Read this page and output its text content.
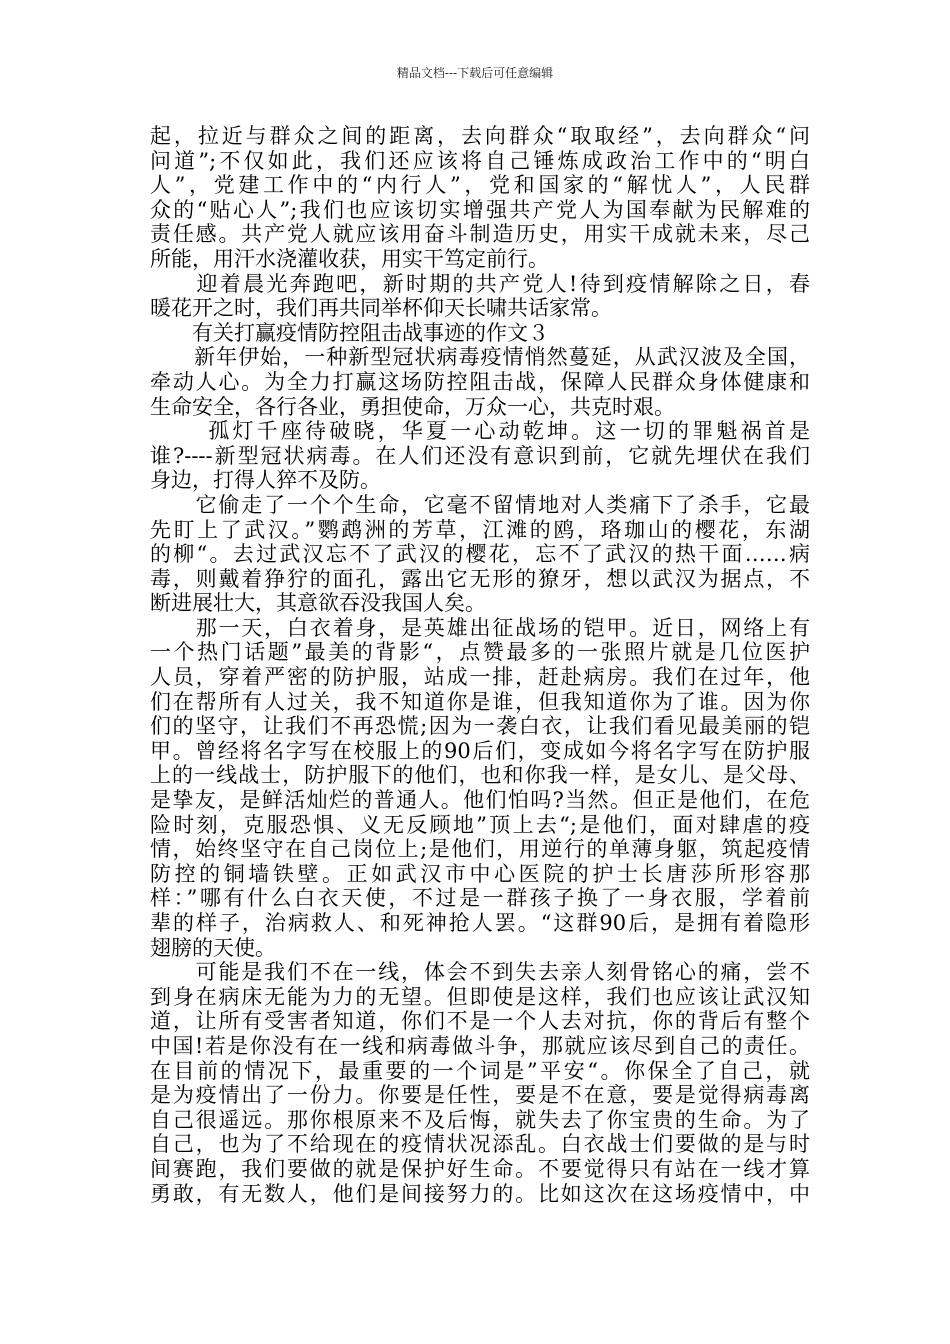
精品文档---下载后可任意编辑
起，拉近与群众之间的距离，去向群众“取取经”，去向群众“问
问道”;不仅如此，我们还应该将自己锤炼成政治工作中的“明白
人”，党建工作中的“内行人”，党和国家的“解忧人”，人民群
众的“贴心人”;我们也应该切实增强共产党人为国奉献为民解难的
责任感。共产党人就应该用奋斗制造历史，用实干成就未来，尽己
所能，用汗水浇灌收获，用实干笃定前行。
　　迎着晨光奔跑吧，新时期的共产党人!待到疫情解除之日，春
暖花开之时，我们再共同举杯仰天长啸共话家常。
　　有关打赢疫情防控阻击战事迹的作文３
　　新年伊始，一种新型冠状病毒疫情悄然蔓延，从武汉波及全国，
牵动人心。为全力打赢这场防控阻击战，保障人民群众身体健康和
生命安全，各行各业，勇担使命，万众一心，共克时艰。
　　 孤灯千座待破晓，华夏一心动乾坤。这一切的罪魁祸首是
谁?----新型冠状病毒。在人们还没有意识到前，它就先埋伏在我们
身边，打得人猝不及防。
　　它偷走了一个个生命，它毫不留情地对人类痛下了杀手，它最
先盯上了武汉。”鹦鹉洲的芳草，江滩的鸥，珞珈山的樱花，东湖
的柳“。去过武汉忘不了武汉的樱花，忘不了武汉的热干面……病
毒，则戴着狰狞的面孔，露出它无形的獠牙，想以武汉为据点，不
断进展壮大，其意欲吞没我国人矣。
　　那一天，白衣着身，是英雄出征战场的铠甲。近日，网络上有
一个热门话题”最美的背影“，点赞最多的一张照片就是几位医护
人员，穿着严密的防护服，站成一排，赶赴病房。我们在过年，他
们在帮所有人过关，我不知道你是谁，但我知道你为了谁。因为你
们的坚守，让我们不再恐慌;因为一袭白衣，让我们看见最美丽的铠
甲。曾经将名字写在校服上的90后们，变成如今将名字写在防护服
上的一线战士，防护服下的他们，也和你我一样，是女儿、是父母、
是挚友，是鲜活灿烂的普通人。他们怕吗?当然。但正是他们，在危
险时刻，克服恐惧、义无反顾地”顶上去“;是他们，面对肆虐的疫
情，始终坚守在自己岗位上;是他们，用逆行的单薄身躯，筑起疫情
防控的铜墙铁壁。正如武汉市中心医院的护士长唐莎所形容那
样：”哪有什么白衣天使，不过是一群孩子换了一身衣服，学着前
辈的样子，治病救人、和死神抢人罢。“这群90后，是拥有着隐形
翅膀的天使。
　　可能是我们不在一线，体会不到失去亲人刻骨铭心的痛，尝不
到身在病床无能为力的无望。但即使是这样，我们也应该让武汉知
道，让所有受害者知道，你们不是一个人去对抗，你的背后有整个
中国!若是你没有在一线和病毒做斗争，那就应该尽到自己的责任。
在目前的情况下，最重要的一个词是”平安“。你保全了自己，就
是为疫情出了一份力。你要是任性，要是不在意，要是觉得病毒离
自己很遥远。那你根原来不及后悔，就失去了你宝贵的生命。为了
自己，也为了不给现在的疫情状况添乱。白衣战士们要做的是与时
间赛跑，我们要做的就是保护好生命。不要觉得只有站在一线才算
勇敢，有无数人，他们是间接努力的。比如这次在这场疫情中，中
